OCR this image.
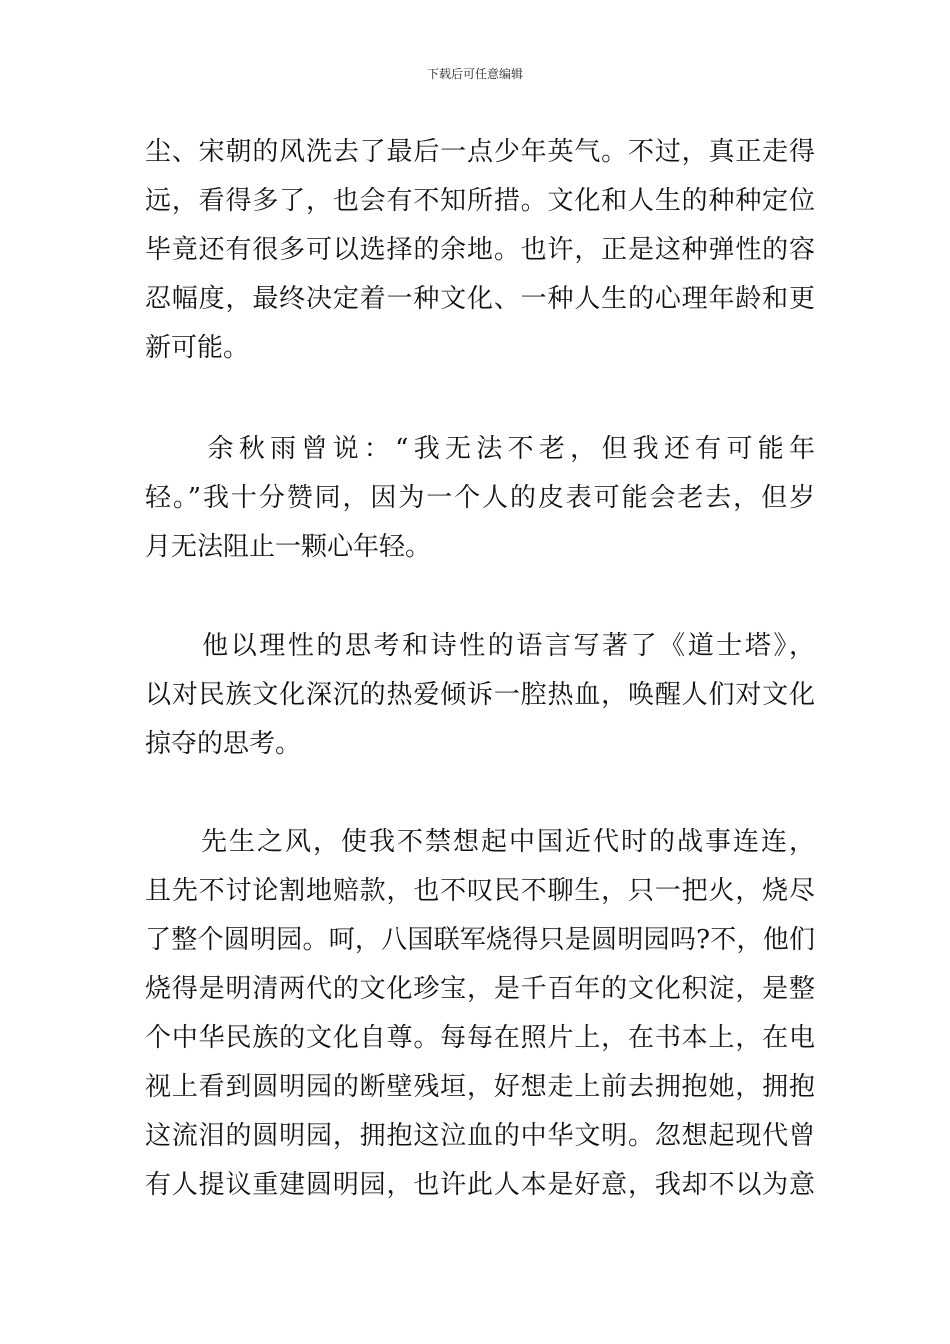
下载后可任意编辑
尘、宋朝的风洗去了最后一点少年英气。不过，真正走得
远，看得多了，也会有不知所措。文化和人生的种种定位
毕竟还有很多可以选择的余地。也许，正是这种弹性的容
忍幅度，最终决定着一种文化、一种人生的心理年龄和更
新可能。
　　余秋雨曾说：“我无法不老，但我还有可能年
轻。”我十分赞同，因为一个人的皮表可能会老去，但岁
月无法阻止一颗心年轻。
　　他以理性的思考和诗性的语言写著了《道士塔》，
以对民族文化深沉的热爱倾诉一腔热血，唤醒人们对文化
掠夺的思考。
　　先生之风，使我不禁想起中国近代时的战事连连，
且先不讨论割地赔款，也不叹民不聊生，只一把火，烧尽
了整个圆明园。呵，八国联军烧得只是圆明园吗?不，他们
烧得是明清两代的文化珍宝，是千百年的文化积淀，是整
个中华民族的文化自尊。每每在照片上，在书本上，在电
视上看到圆明园的断壁残垣，好想走上前去拥抱她，拥抱
这流泪的圆明园，拥抱这泣血的中华文明。忽想起现代曾
有人提议重建圆明园，也许此人本是好意，我却不以为意
